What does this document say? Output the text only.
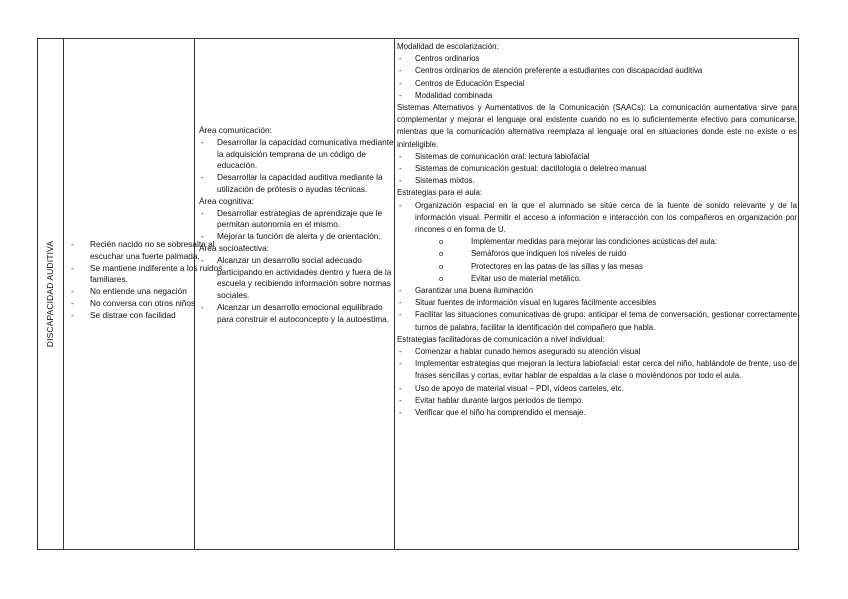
DISCAPACIDAD AUDITIVA
-	Recién nacido no se sobresalta al escuchar una fuerte palmada.
- Se mantiene indiferente a los ruidos familiares.
- No entiende una negación
- No conversa con otros niños
- Se distrae con facilidad

Área comunicación:

- Desarrollar la capacidad comunicativa mediante la adquisición temprana de un código de educación.
- Desarrollar la capacidad auditiva mediante la utilización de prótesis o ayudas técnicas.

Área cognitiva:

- Desarrollar estrategias de aprendizaje que le permitan autonomía en el mismo.
- Mejorar la función de alerta y de orientación.

Área socioafectiva:

- Alcanzar un desarrollo social adecuado participando en actividades dentro y fuera de la escuela y recibiendo información sobre normas sociales.
- Alcanzar un desarrollo emocional equilibrado para construir el autoconcepto y la autoestima.

Modalidad de escolarización:

- Centros ordinarios
- Centros ordinarios de atención preferente a estudiantes con discapacidad auditiva
- Centros de Educación Especial
- Modalidad combinada

Sistemas Alternativos y Aumentativos de la Comunicación (SAACs): La comunicación aumentativa sirve para complementar y mejorar el lenguaje oral existente cuando no es lo suficientemente efectivo para comunicarse, mientras que la comunicación alternativa reemplaza al lenguaje oral en situaciones donde este no existe o es ininteligible.

- Sistemas de comunicación oral: lectura labiofacial
- Sistemas de comunicación gestual: dactilología o deletreo manual
- Sistemas mixtos.

Estrategias para el aula:

- Organización espacial en la que el alumnado se sitúe cerca de la fuente de sonido relevante y de la información visual. Permitir el acceso a información e interacción con los compañeros en organización por rincones o en forma de U.
o Implementar medidas para mejorar las condiciones acústicas del aula:
o Semáforos que indiquen los niveles de ruido
o Protectores en las patas de las sillas y las mesas
o Evitar uso de material metálico.
- Garantizar una buena iluminación
- Situar fuentes de información visual en lugares fácilmente accesibles
- Facilitar las situaciones comunicativas de grupo: anticipar el tema de conversación, gestionar correctamente turnos de palabra, facilitar la identificación del compañero que habla.

Estrategias facilitadoras de comunicación a nivel individual:

- Comenzar a hablar cunado hemos asegurado su atención visual
- Implementar estrategias que mejoran la lectura labiofacial: estar cerca del niño, hablándole de frente, uso de frases sencillas y cortas, evitar hablar de espaldas a la clase o moviéndonos por todo el aula.
- Uso de apoyo de material visual – PDI, vídeos carteles, etc.
- Evitar hablar durante largos periodos de tiempo.
- Verificar que el niño ha comprendido el mensaje.
